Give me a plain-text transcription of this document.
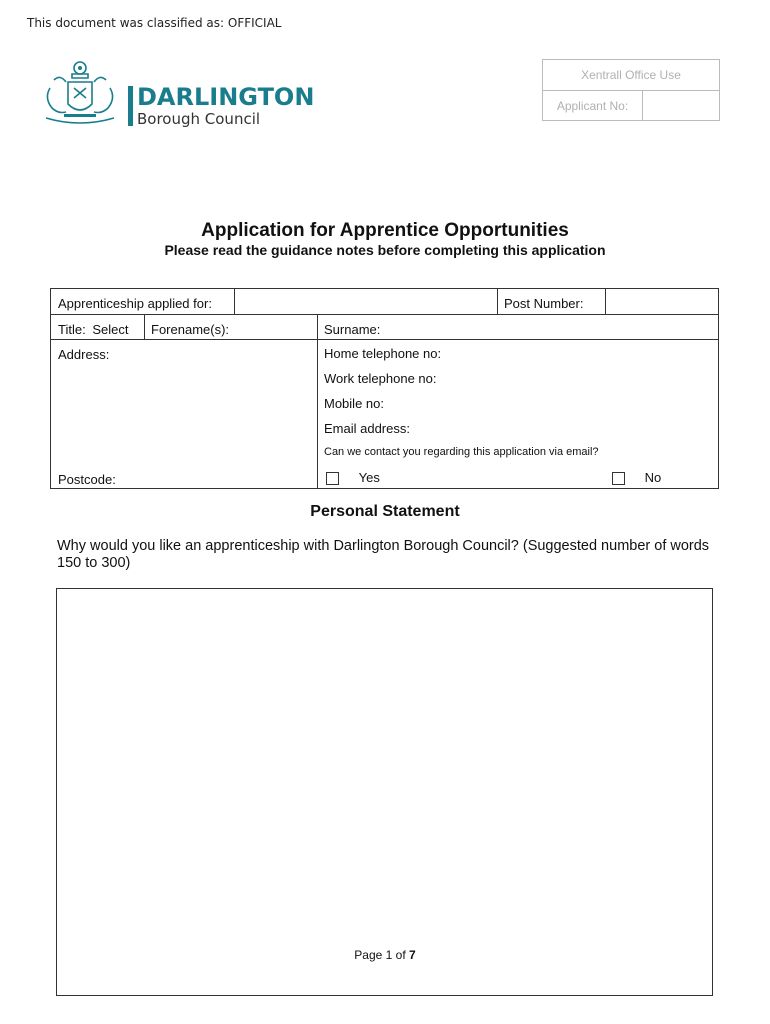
This document was classified as: OFFICIAL
DARLINGTON
Borough Council
Xentrall Office Use
Applicant No:
Application for Apprentice Opportunities
Please read the guidance notes before completing this application
Apprenticeship applied for:	Post Number:
Title: Select Forename(s):	Surname:
Address:
Postcode:
Home telephone no:
Work telephone no:
Mobile no:
Email address:
Can we contact you regarding this application via email?
Yes	No
Personal Statement
Why would you like an apprenticeship with Darlington Borough Council? (Suggested number of words 150 to 300)
Page 1 of 7
